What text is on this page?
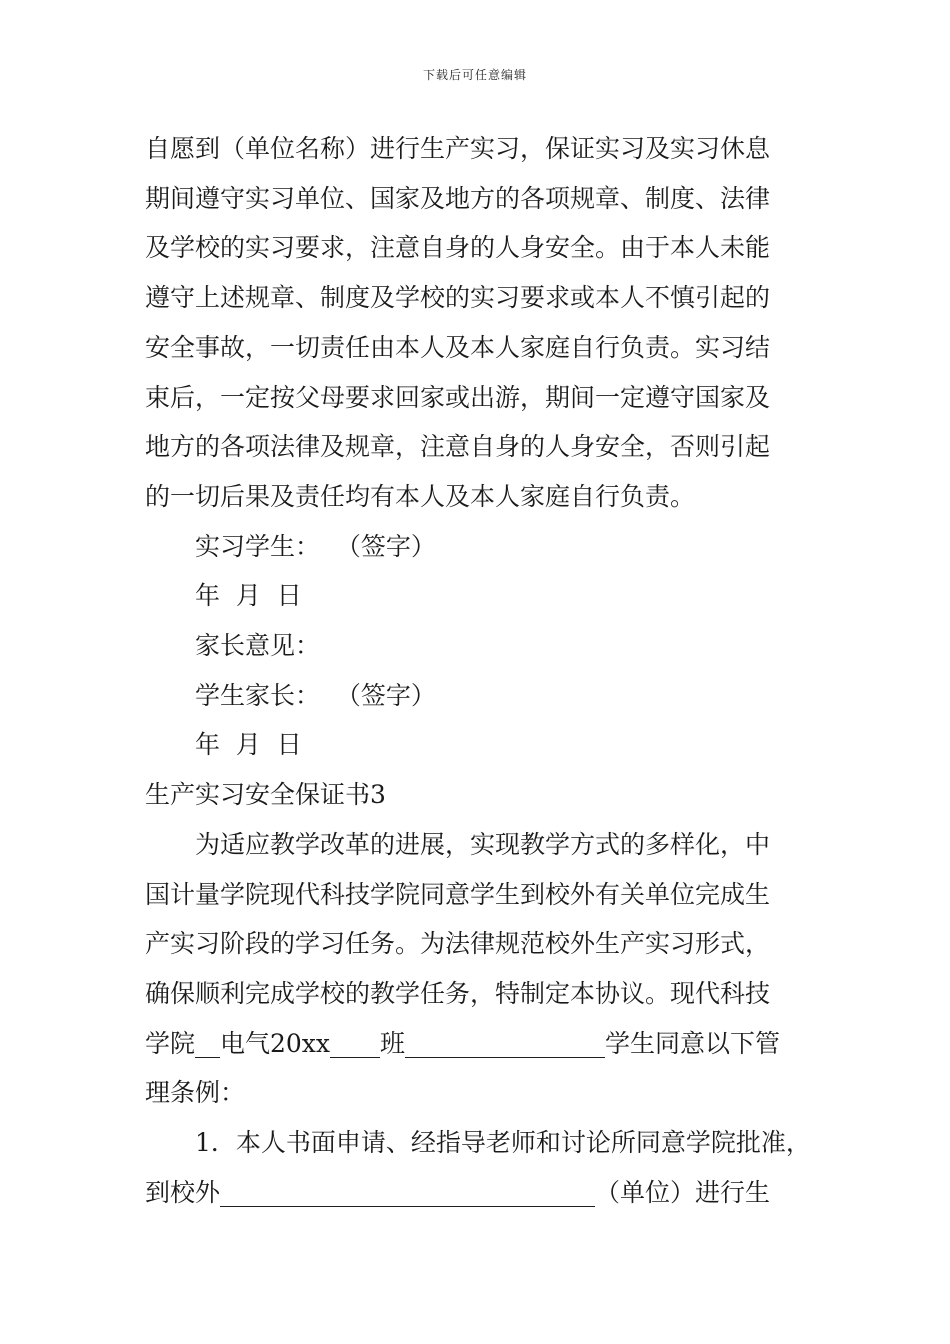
下载后可任意编辑

自愿到（单位名称）进行生产实习，保证实习及实习休息

期间遵守实习单位、国家及地方的各项规章、制度、法律

及学校的实习要求，注意自身的人身安全。由于本人未能

遵守上述规章、制度及学校的实习要求或本人不慎引起的

安全事故，一切责任由本人及本人家庭自行负责。实习结

束后，一定按父母要求回家或出游，期间一定遵守国家及

地方的各项法律及规章，注意自身的人身安全，否则引起

的一切后果及责任均有本人及本人家庭自行负责。

实习学生：  （签字）

年  月  日

家长意见：

学生家长：  （签字）

年  月  日

生产实习安全保证书3

为适应教学改革的进展，实现教学方式的多样化，中

国计量学院现代科技学院同意学生到校外有关单位完成生

产实习阶段的学习任务。为法律规范校外生产实习形式，

确保顺利完成学校的教学任务，特制定本协议。现代科技

学院__电气20xx____班________________学生同意以下管

理条例：

1．本人书面申请、经指导老师和讨论所同意学院批准，

到校外______________________________（单位）进行生
